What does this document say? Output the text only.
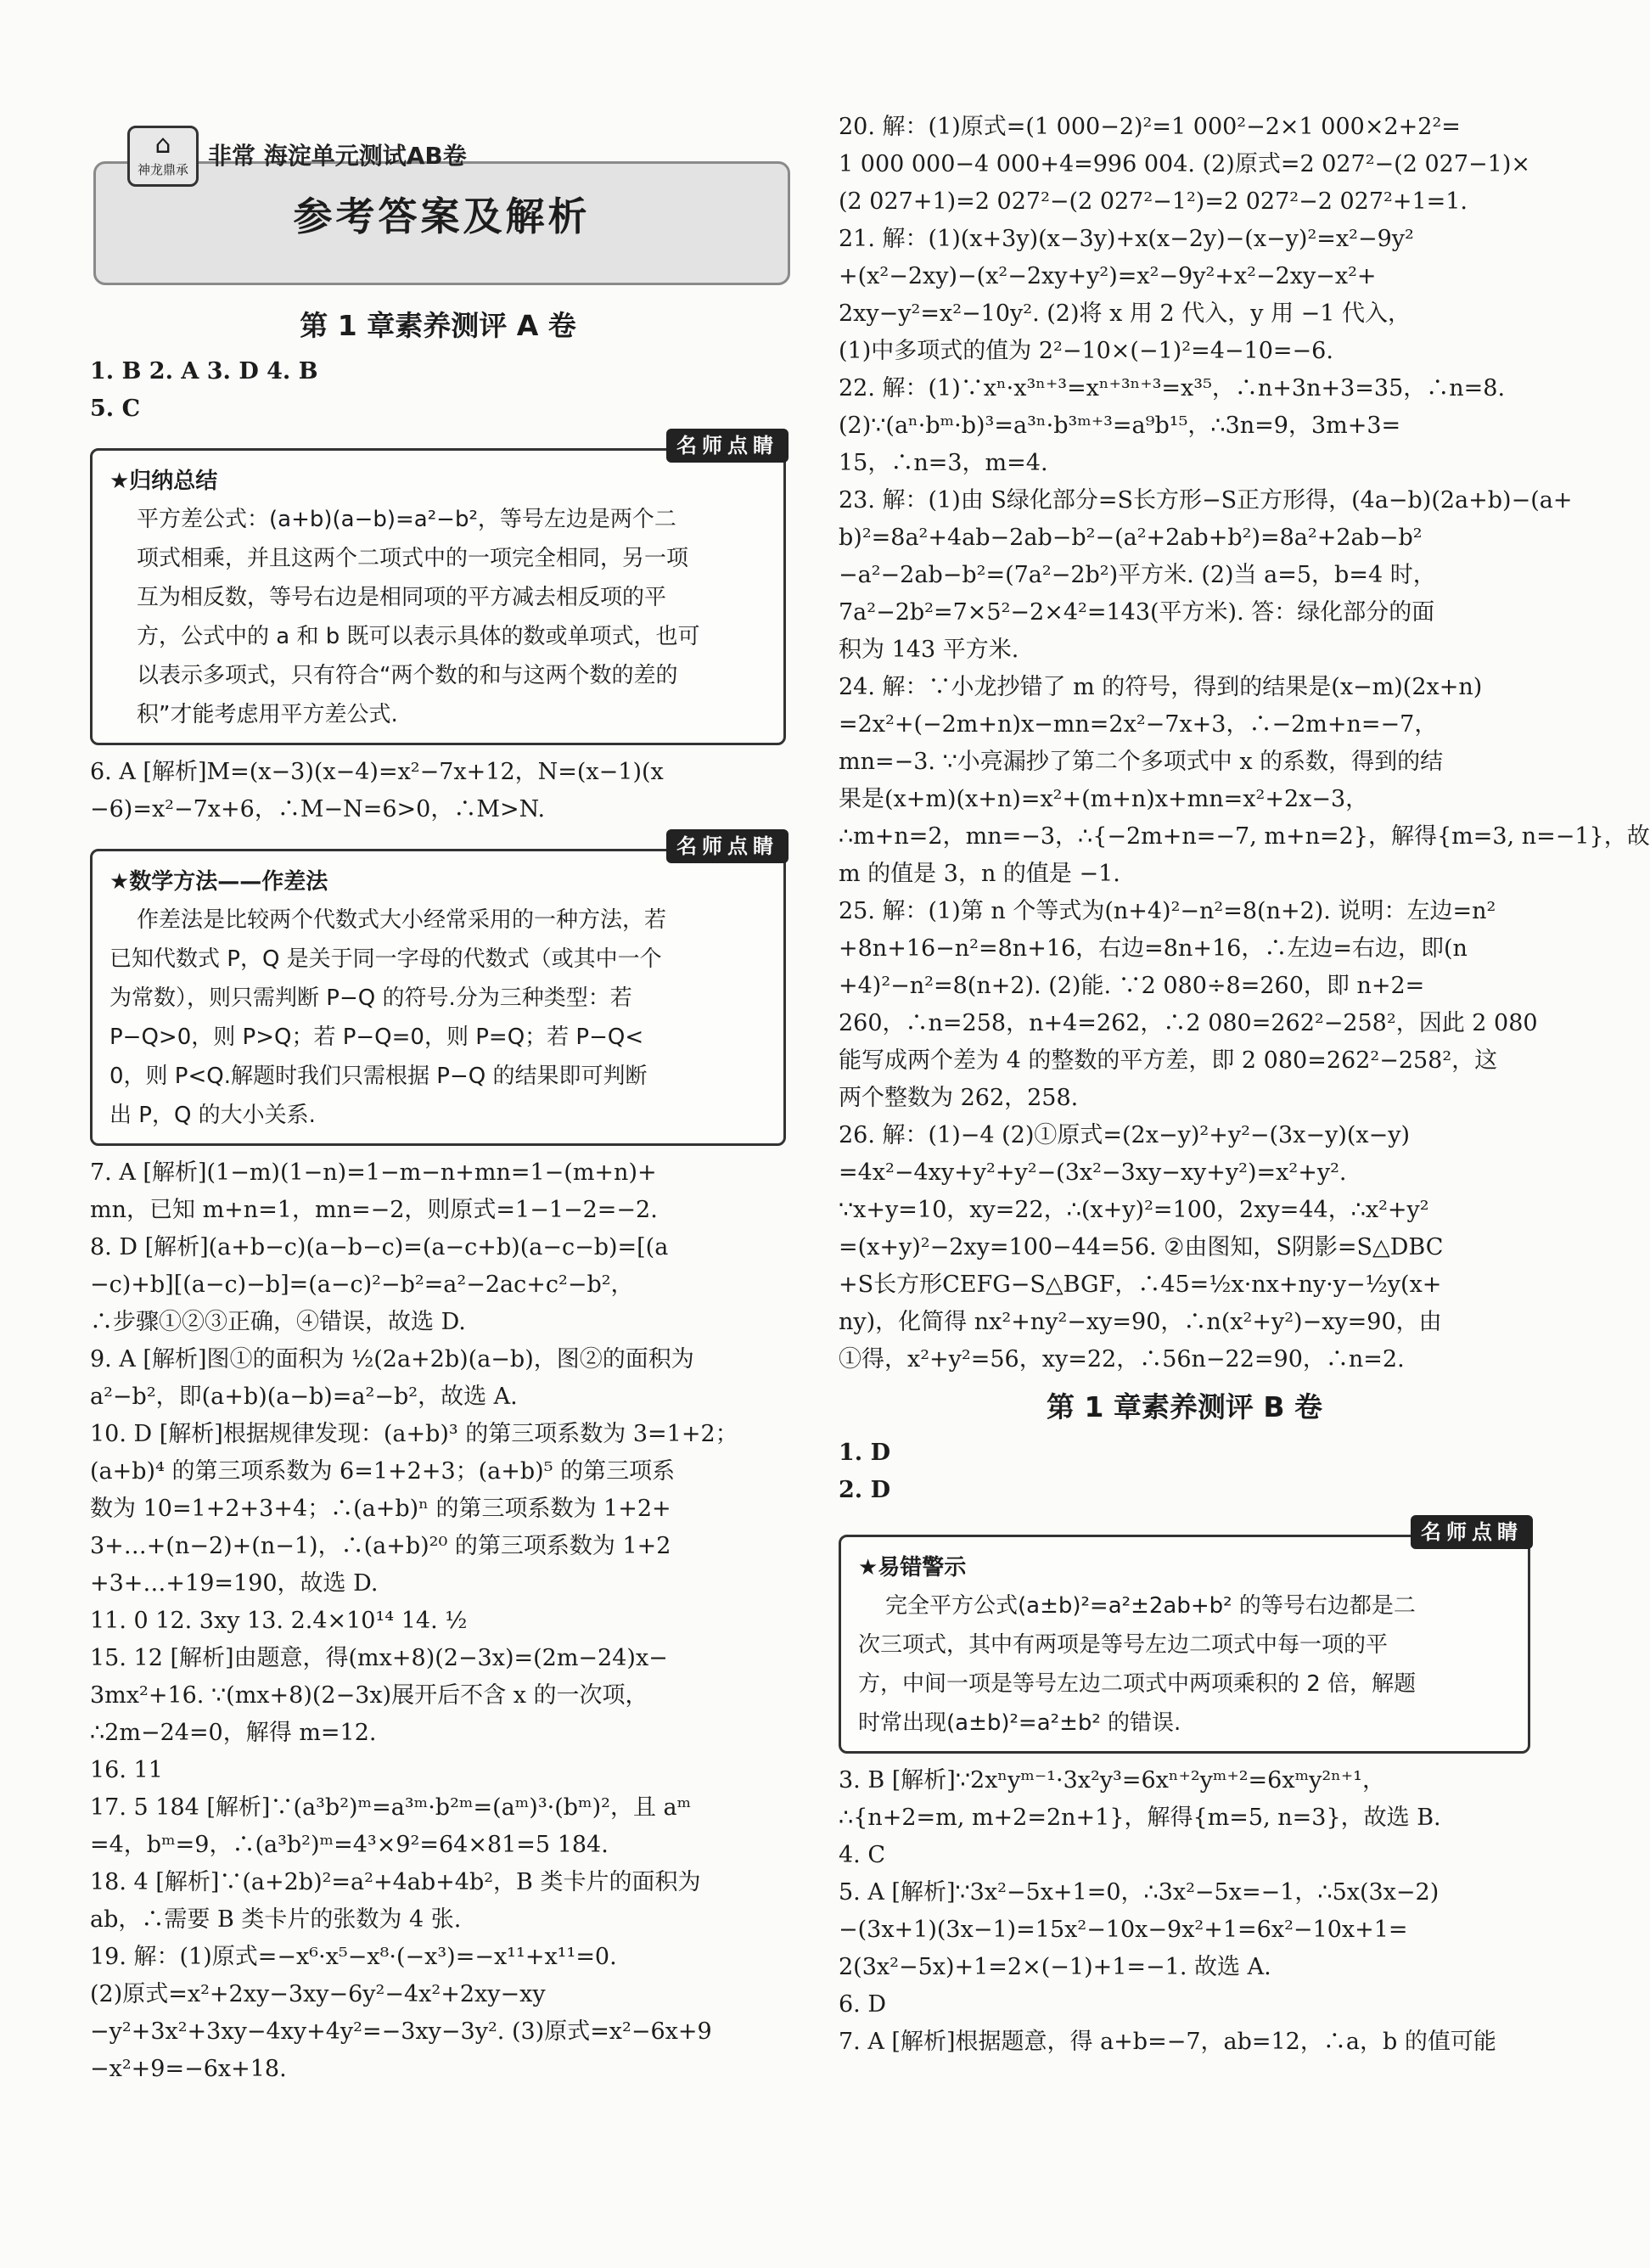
参考答案及解析
⌂
神龙鼎承 非常 海淀单元测试AB卷
第 1 章素养测评 A 卷
1. B 2. A 3. D 4. B
5. C
名师点睛
★归纳总结
平方差公式：(a+b)(a−b)=a²−b²，等号左边是两个二
项式相乘，并且这两个二项式中的一项完全相同，另一项
互为相反数，等号右边是相同项的平方减去相反项的平
方，公式中的 a 和 b 既可以表示具体的数或单项式，也可
以表示多项式，只有符合“两个数的和与这两个数的差的
积”才能考虑用平方差公式.
6. A [解析]M=(x−3)(x−4)=x²−7x+12，N=(x−1)(x
−6)=x²−7x+6，∴M−N=6>0，∴M>N.
名师点睛
★数学方法——作差法
作差法是比较两个代数式大小经常采用的一种方法，若
已知代数式 P，Q 是关于同一字母的代数式（或其中一个
为常数），则只需判断 P−Q 的符号.分为三种类型：若
P−Q>0，则 P>Q；若 P−Q=0，则 P=Q；若 P−Q<
0，则 P<Q.解题时我们只需根据 P−Q 的结果即可判断
出 P，Q 的大小关系.
7. A [解析](1−m)(1−n)=1−m−n+mn=1−(m+n)+
mn，已知 m+n=1，mn=−2，则原式=1−1−2=−2.
8. D [解析](a+b−c)(a−b−c)=(a−c+b)(a−c−b)=[(a
−c)+b][(a−c)−b]=(a−c)²−b²=a²−2ac+c²−b²，
∴步骤①②③正确，④错误，故选 D.
9. A [解析]图①的面积为 ½(2a+2b)(a−b)，图②的面积为
a²−b²，即(a+b)(a−b)=a²−b²，故选 A.
10. D [解析]根据规律发现：(a+b)³ 的第三项系数为 3=1+2；
(a+b)⁴ 的第三项系数为 6=1+2+3；(a+b)⁵ 的第三项系
数为 10=1+2+3+4；∴(a+b)ⁿ 的第三项系数为 1+2+
3+…+(n−2)+(n−1)，∴(a+b)²⁰ 的第三项系数为 1+2
+3+…+19=190，故选 D.
11. 0 12. 3xy 13. 2.4×10¹⁴ 14. ½
15. 12 [解析]由题意，得(mx+8)(2−3x)=(2m−24)x−
3mx²+16. ∵(mx+8)(2−3x)展开后不含 x 的一次项，
∴2m−24=0，解得 m=12.
16. 11
17. 5 184 [解析]∵(a³b²)ᵐ=a³ᵐ·b²ᵐ=(aᵐ)³·(bᵐ)²，且 aᵐ
=4，bᵐ=9，∴(a³b²)ᵐ=4³×9²=64×81=5 184.
18. 4 [解析]∵(a+2b)²=a²+4ab+4b²，B 类卡片的面积为
ab，∴需要 B 类卡片的张数为 4 张.
19. 解：(1)原式=−x⁶·x⁵−x⁸·(−x³)=−x¹¹+x¹¹=0.
(2)原式=x²+2xy−3xy−6y²−4x²+2xy−xy
−y²+3x²+3xy−4xy+4y²=−3xy−3y². (3)原式=x²−6x+9
−x²+9=−6x+18.
20. 解：(1)原式=(1 000−2)²=1 000²−2×1 000×2+2²=
1 000 000−4 000+4=996 004. (2)原式=2 027²−(2 027−1)×
(2 027+1)=2 027²−(2 027²−1²)=2 027²−2 027²+1=1.
21. 解：(1)(x+3y)(x−3y)+x(x−2y)−(x−y)²=x²−9y²
+(x²−2xy)−(x²−2xy+y²)=x²−9y²+x²−2xy−x²+
2xy−y²=x²−10y². (2)将 x 用 2 代入，y 用 −1 代入，
(1)中多项式的值为 2²−10×(−1)²=4−10=−6.
22. 解：(1)∵xⁿ·x³ⁿ⁺³=xⁿ⁺³ⁿ⁺³=x³⁵，∴n+3n+3=35，∴n=8.
(2)∵(aⁿ·bᵐ·b)³=a³ⁿ·b³ᵐ⁺³=a⁹b¹⁵，∴3n=9，3m+3=
15，∴n=3，m=4.
23. 解：(1)由 S绿化部分=S长方形−S正方形得，(4a−b)(2a+b)−(a+
b)²=8a²+4ab−2ab−b²−(a²+2ab+b²)=8a²+2ab−b²
−a²−2ab−b²=(7a²−2b²)平方米. (2)当 a=5，b=4 时，
7a²−2b²=7×5²−2×4²=143(平方米). 答：绿化部分的面
积为 143 平方米.
24. 解：∵小龙抄错了 m 的符号，得到的结果是(x−m)(2x+n)
=2x²+(−2m+n)x−mn=2x²−7x+3，∴−2m+n=−7，
mn=−3. ∵小亮漏抄了第二个多项式中 x 的系数，得到的结
果是(x+m)(x+n)=x²+(m+n)x+mn=x²+2x−3，
∴m+n=2，mn=−3，∴{−2m+n=−7, m+n=2}，解得{m=3, n=−1}，故
m 的值是 3，n 的值是 −1.
25. 解：(1)第 n 个等式为(n+4)²−n²=8(n+2). 说明：左边=n²
+8n+16−n²=8n+16，右边=8n+16，∴左边=右边，即(n
+4)²−n²=8(n+2). (2)能. ∵2 080÷8=260，即 n+2=
260，∴n=258，n+4=262，∴2 080=262²−258²，因此 2 080
能写成两个差为 4 的整数的平方差，即 2 080=262²−258²，这
两个整数为 262，258.
26. 解：(1)−4 (2)①原式=(2x−y)²+y²−(3x−y)(x−y)
=4x²−4xy+y²+y²−(3x²−3xy−xy+y²)=x²+y².
∵x+y=10，xy=22，∴(x+y)²=100，2xy=44，∴x²+y²
=(x+y)²−2xy=100−44=56. ②由图知，S阴影=S△DBC
+S长方形CEFG−S△BGF，∴45=½x·nx+ny·y−½y(x+
ny)，化简得 nx²+ny²−xy=90，∴n(x²+y²)−xy=90，由
①得，x²+y²=56，xy=22，∴56n−22=90，∴n=2.
第 1 章素养测评 B 卷
1. D
2. D
名师点睛
★易错警示
完全平方公式(a±b)²=a²±2ab+b² 的等号右边都是二
次三项式，其中有两项是等号左边二项式中每一项的平
方，中间一项是等号左边二项式中两项乘积的 2 倍，解题
时常出现(a±b)²=a²±b² 的错误.
3. B [解析]∵2xⁿyᵐ⁻¹·3x²y³=6xⁿ⁺²yᵐ⁺²=6xᵐy²ⁿ⁺¹，
∴{n+2=m, m+2=2n+1}，解得{m=5, n=3}，故选 B.
4. C
5. A [解析]∵3x²−5x+1=0，∴3x²−5x=−1，∴5x(3x−2)
−(3x+1)(3x−1)=15x²−10x−9x²+1=6x²−10x+1=
2(3x²−5x)+1=2×(−1)+1=−1. 故选 A.
6. D
7. A [解析]根据题意，得 a+b=−7，ab=12，∴a，b 的值可能
